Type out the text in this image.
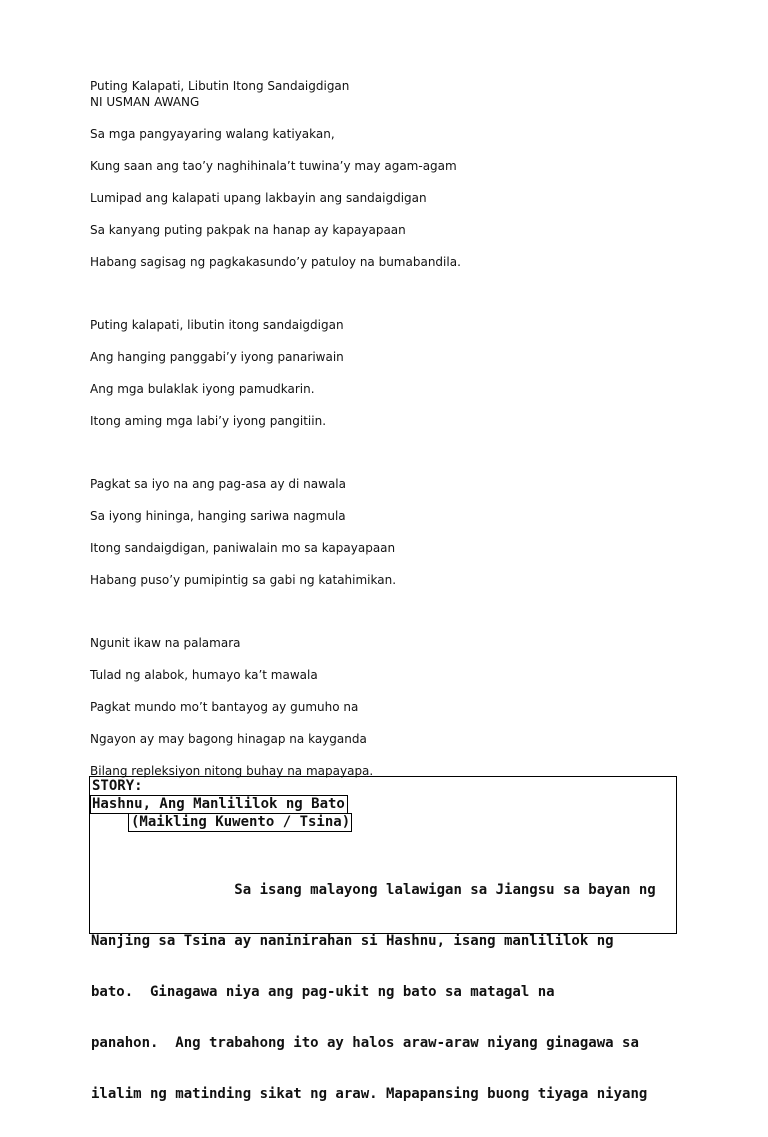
Puting Kalapati, Libutin Itong Sandaigdigan
NI USMAN AWANG
Sa mga pangyayaring walang katiyakan,
Kung saan ang tao’y naghihinala’t tuwina’y may agam-agam
Lumipad ang kalapati upang lakbayin ang sandaigdigan
Sa kanyang puting pakpak na hanap ay kapayapaan
Habang sagisag ng pagkakasundo’y patuloy na bumabandila.
Puting kalapati, libutin itong sandaigdigan
Ang hanging panggabi’y iyong panariwain
Ang mga bulaklak iyong pamudkarin.
Itong aming mga labi’y iyong pangitiin.
Pagkat sa iyo na ang pag-asa ay di nawala
Sa iyong hininga, hanging sariwa nagmula
Itong sandaigdigan, paniwalain mo sa kapayapaan
Habang puso’y pumipintig sa gabi ng katahimikan.
Ngunit ikaw na palamara
Tulad ng alabok, humayo ka’t mawala
Pagkat mundo mo’t bantayog ay gumuho na
Ngayon ay may bagong hinagap na kayganda
Bilang repleksiyon nitong buhay na mapayapa.
STORY:
Hashnu, Ang Manlililok ng Bato
(Maikling Kuwento / Tsina)

Sa isang malayong lalawigan sa Jiangsu sa bayan ng

Nanjing sa Tsina ay naninirahan si Hashnu, isang manlililok ng

bato.  Ginagawa niya ang pag-ukit ng bato sa matagal na

panahon.  Ang trabahong ito ay halos araw-araw niyang ginagawa sa

ilalim ng matinding sikat ng araw. Mapapansing buong tiyaga niyang
